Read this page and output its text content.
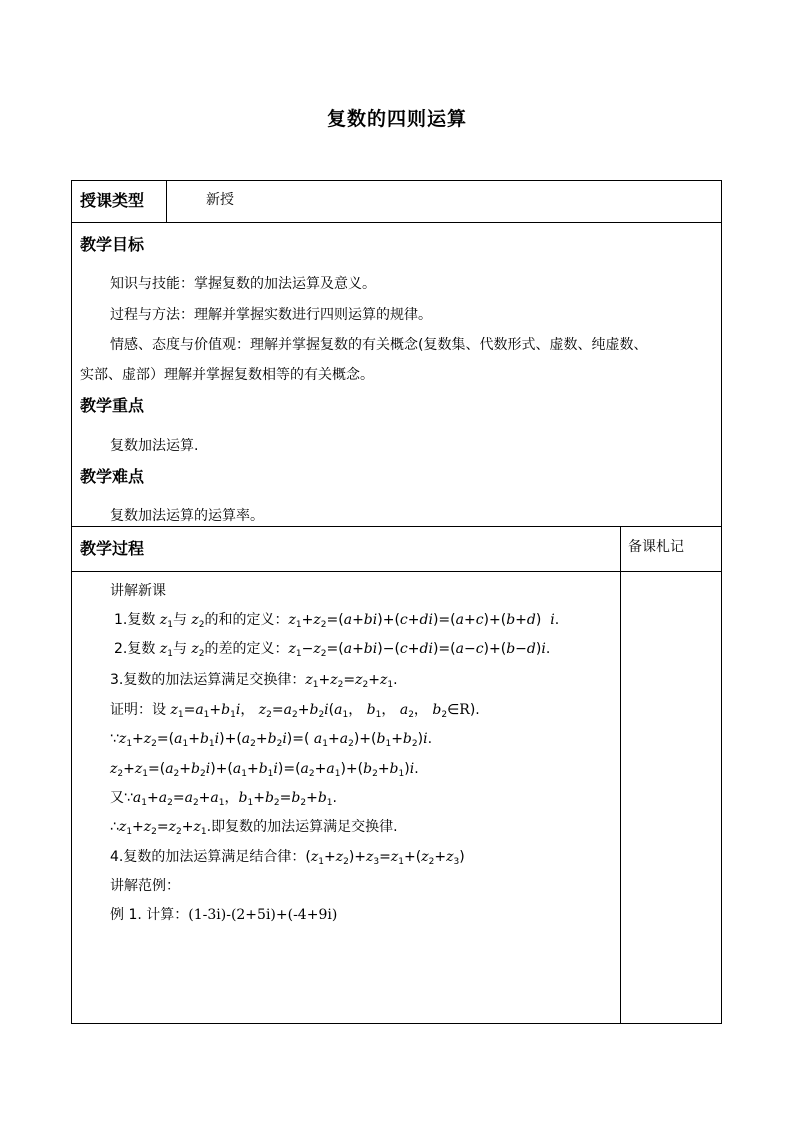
复数的四则运算
授课类型	新授
教学目标
知识与技能：掌握复数的加法运算及意义。
过程与方法：理解并掌握实数进行四则运算的规律。
情感、态度与价值观：理解并掌握复数的有关概念(复数集、代数形式、虚数、纯虚数、
实部、虚部）理解并掌握复数相等的有关概念。
教学重点
复数加法运算.
教学难点
复数加法运算的运算率。
教学过程	备课札记
讲解新课
1.复数 $z_1$与 $z_2$的和的定义：$z_1+z_2=(a+bi)+(c+di)=(a+c)+(b+d)$  i.
2.复数 $z_1$与 $z_2$的差的定义：$z_1-z_2=(a+bi)-(c+di)=(a-c)+(b-d)i$.
3.复数的加法运算满足交换律：$z_1+z_2=z_2+z_1$.
证明：设 $z_1=a_1+b_1i$， $z_2=a_2+b_2i(a_1$， $b_1$， $a_2$， $b_2\in R$).
$\because z_1+z_2=(a_1+b_1i)+(a_2+b_2i)=$( $a_1+a_2)+(b_1+b_2)i$.
$z_2+z_1=(a_2+b_2i)+(a_1+b_1i)=(a_2+a_1)+(b_2+b_1)i$.
又$\because a_1+a_2=a_2+a_1$，$b_1+b_2=b_2+b_1$.
$\therefore z_1+z_2=z_2+z_1$.即复数的加法运算满足交换律.
4.复数的加法运算满足结合律：$(z_1+z_2)+z_3=z_1+(z_2+z_3)$
讲解范例：
例 1. 计算：(1-3i)-(2+5i)+(-4+9i)
